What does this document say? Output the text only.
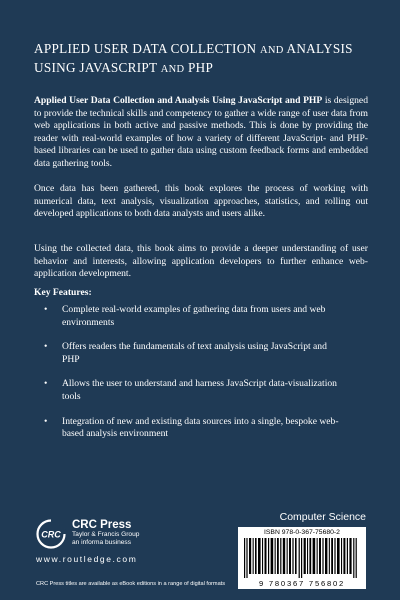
APPLIED USER DATA COLLECTION AND ANALYSIS
USING JAVASCRIPT AND PHP
Applied User Data Collection and Analysis Using JavaScript and PHP is designed to provide the technical skills and competency to gather a wide range of user data from web applications in both active and passive methods. This is done by providing the reader with real-world examples of how a variety of different JavaScript- and PHP-based libraries can be used to gather data using custom feedback forms and embedded data gathering tools.
Once data has been gathered, this book explores the process of working with numerical data, text analysis, visualization approaches, statistics, and rolling out developed applications to both data analysts and users alike.
Using the collected data, this book aims to provide a deeper understanding of user behavior and interests, allowing application developers to further enhance web-application development.
Key Features:
• Complete real-world examples of gathering data from users and web environments
• Offers readers the fundamentals of text analysis using JavaScript and PHP
• Allows the user to understand and harness JavaScript data-visualization tools
• Integration of new and existing data sources into a single, bespoke web-based analysis environment
Computer Science
ISBN 978-0-367-75680-2
9 780367 756802
CRC
CRC Press
Taylor & Francis Group
an informa business
www.routledge.com
CRC Press titles are available as eBook editions in a range of digital formats
